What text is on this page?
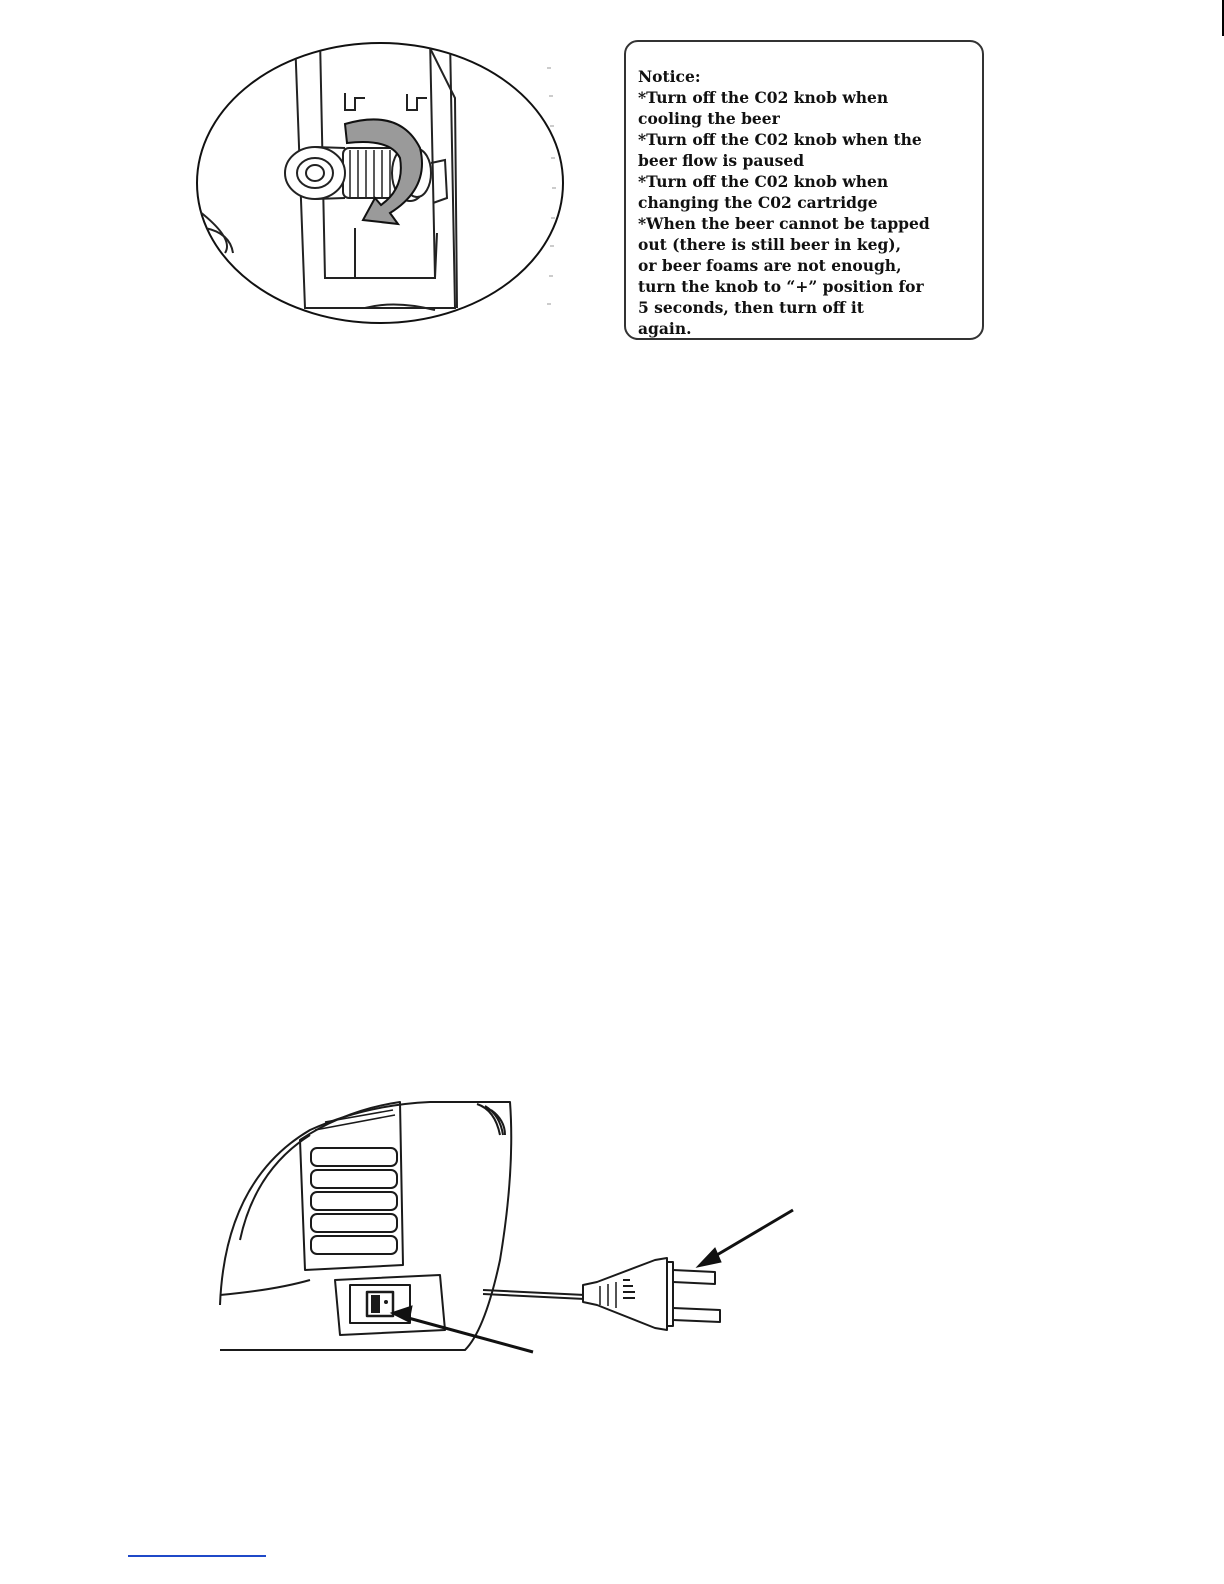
Notice:
*Turn off the C02 knob when
cooling the beer
*Turn off the C02 knob when the
beer flow is paused
*Turn off the C02 knob when
changing the C02 cartridge
*When the beer cannot be tapped
out (there is still beer in keg),
or beer foams are not enough,
turn the knob to “+” position for
5 seconds, then turn off it
again.
